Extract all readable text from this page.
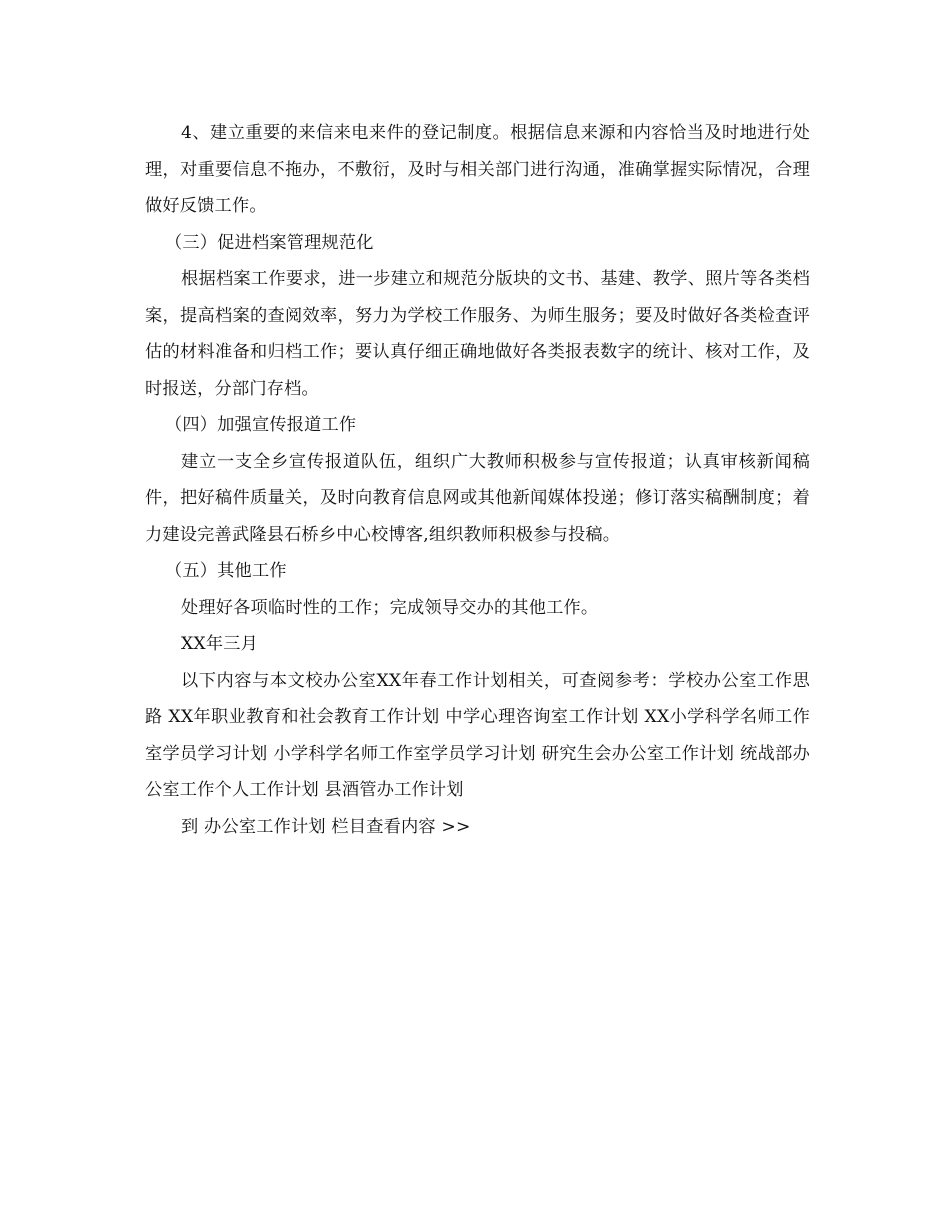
4、建立重要的来信来电来件的登记制度。根据信息来源和内容恰当及时地进行处理，对重要信息不拖办，不敷衍，及时与相关部门进行沟通，准确掌握实际情况，合理做好反馈工作。

（三）促进档案管理规范化

根据档案工作要求，进一步建立和规范分版块的文书、基建、教学、照片等各类档案，提高档案的查阅效率，努力为学校工作服务、为师生服务；要及时做好各类检查评估的材料准备和归档工作；要认真仔细正确地做好各类报表数字的统计、核对工作，及时报送，分部门存档。

（四）加强宣传报道工作

建立一支全乡宣传报道队伍，组织广大教师积极参与宣传报道；认真审核新闻稿件，把好稿件质量关，及时向教育信息网或其他新闻媒体投递；修订落实稿酬制度；着力建设完善武隆县石桥乡中心校博客,组织教师积极参与投稿。

（五）其他工作

处理好各项临时性的工作；完成领导交办的其他工作。

XX年三月

以下内容与本文校办公室XX年春工作计划相关，可查阅参考：学校办公室工作思路 XX年职业教育和社会教育工作计划 中学心理咨询室工作计划 XX小学科学名师工作室学员学习计划 小学科学名师工作室学员学习计划 研究生会办公室工作计划 统战部办公室工作个人工作计划 县酒管办工作计划

到 办公室工作计划 栏目查看内容 >>
